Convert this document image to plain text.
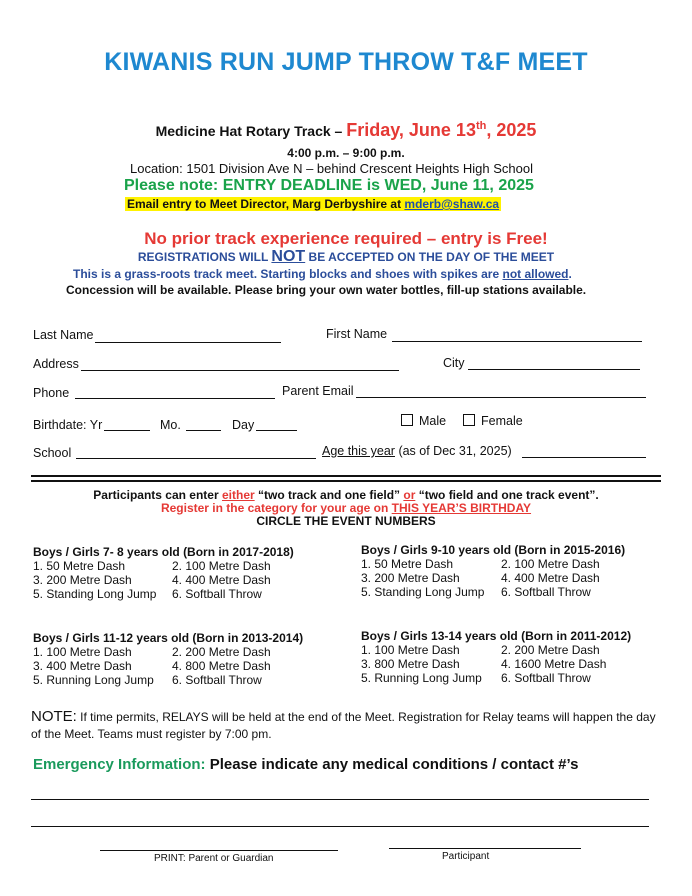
KIWANIS RUN JUMP THROW T&F MEET
Medicine Hat Rotary Track – Friday, June 13th, 2025
4:00 p.m. – 9:00 p.m.
Location: 1501 Division Ave N – behind Crescent Heights High School
Please note: ENTRY DEADLINE is WED, June 11, 2025
Email entry to Meet Director, Marg Derbyshire at mderb@shaw.ca
No prior track experience required – entry is Free!
REGISTRATIONS WILL NOT BE ACCEPTED ON THE DAY OF THE MEET
This is a grass-roots track meet. Starting blocks and shoes with spikes are not allowed.
Concession will be available. Please bring your own water bottles, fill-up stations available.
Last Name	First Name
Address	City
Phone	Parent Email
Birthdate: Yr	Mo.	Day	Male	Female
School	Age this year (as of Dec 31, 2025)
Participants can enter either “two track and one field” or “two field and one track event”.
Register in the category for your age on THIS YEAR’S BIRTHDAY
CIRCLE THE EVENT NUMBERS
Boys / Girls 7- 8 years old (Born in 2017-2018)
1. 50 Metre Dash	2. 100 Metre Dash
3. 200 Metre Dash	4. 400 Metre Dash
5. Standing Long Jump 6. Softball Throw
Boys / Girls 9-10 years old (Born in 2015-2016)
1. 50 Metre Dash	2. 100 Metre Dash
3. 200 Metre Dash	4. 400 Metre Dash
5. Standing Long Jump 6. Softball Throw
Boys / Girls 11-12 years old (Born in 2013-2014)
1. 100 Metre Dash	2. 200 Metre Dash
3. 400 Metre Dash	4. 800 Metre Dash
5. Running Long Jump 6. Softball Throw
Boys / Girls 13-14 years old (Born in 2011-2012)
1. 100 Metre Dash	2. 200 Metre Dash
3. 800 Metre Dash	4. 1600 Metre Dash
5. Running Long Jump 6. Softball Throw
NOTE: If time permits, RELAYS will be held at the end of the Meet. Registration for Relay teams will happen the day of the Meet. Teams must register by 7:00 pm.
Emergency Information: Please indicate any medical conditions / contact #’s
PRINT: Parent or Guardian	Participant
